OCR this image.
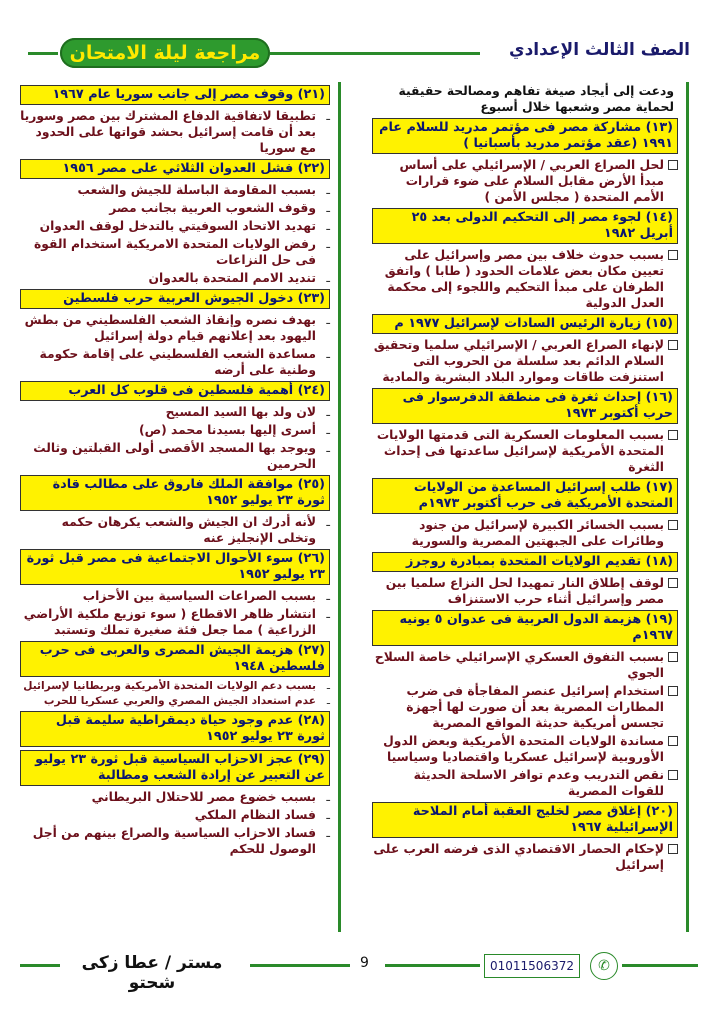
مراجعة ليلة الامتحان	الصف الثالث الإعدادي
ودعت إلى أيجاد صيغة تفاهم ومصالحة حقيقية لحماية مصر وشعبها خلال أسبوع
(١٣) مشاركة مصر فى مؤتمر مدريد للسلام عام ١٩٩١ (عقد مؤتمر مدريد بأسبانيا )
لحل الصراع العربي / الإسرائيلي على أساس مبدأ الأرض مقابل السلام على ضوء قرارات الأمم المتحدة ( مجلس الأمن )
(١٤) لجوء مصر إلى التحكيم الدولى بعد ٢٥ أبريل ١٩٨٢
بسبب حدوث خلاف بين مصر وإسرائيل على تعيين مكان بعض علامات الحدود ( طابا ) واتفق الطرفان على مبدأ التحكيم واللجوء إلى محكمة العدل الدولية
(١٥) زيارة الرئيس السادات لإسرائيل ١٩٧٧ م
لإنهاء الصراع العربي / الإسرائيلي سلميا وتحقيق السلام الدائم بعد سلسلة من الحروب التى استنزفت طاقات وموارد البلاد البشرية والمادية
(١٦) إحداث ثغرة فى منطقة الدفرسوار فى حرب أكتوبر ١٩٧٣
بسبب المعلومات العسكرية التى قدمتها الولايات المتحدة الأمريكية لإسرائيل ساعدتها فى إحداث الثغرة
(١٧) طلب إسرائيل المساعدة من الولايات المتحدة الأمريكية فى حرب أكتوبر ١٩٧٣م
بسبب الخسائر الكبيرة لإسرائيل من جنود وطائرات على الجبهتين المصرية والسورية
(١٨) تقديم الولايات المتحدة بمبادرة روجرز
لوقف إطلاق النار تمهيدا لحل النزاع سلميا بين مصر وإسرائيل أثناء حرب الاستنزاف
(١٩) هزيمة الدول العربية فى عدوان ٥ يونيه ١٩٦٧م
بسبب التفوق العسكري الإسرائيلي خاصة السلاح الجوي
استخدام إسرائيل عنصر المفاجأة فى ضرب المطارات المصرية بعد أن صورت لها أجهزة تجسس أمريكية حديثة المواقع المصرية
مساندة الولايات المتحدة الأمريكية وبعض الدول الأوروبية لإسرائيل عسكريا واقتصاديا وسياسيا
نقص التدريب وعدم توافر الاسلحة الحديثة للقوات المصرية
(٢٠) إغلاق مصر لخليج العقبة أمام الملاحة الإسرائيلية ١٩٦٧
لإحكام الحصار الاقتصادي الذى فرضه العرب على إسرائيل
(٢١) وقوف مصر إلى جانب سوريا عام ١٩٦٧
ـ تطبيقا لاتفاقية الدفاع المشترك بين مصر وسوريا بعد أن قامت إسرائيل بحشد قواتها على الحدود مع سوريا
(٢٢) فشل العدوان الثلاثي على مصر ١٩٥٦
ـ بسبب المقاومة الباسلة للجيش والشعب
ـ وقوف الشعوب العربية بجانب مصر
ـ تهديد الاتحاد السوفيتي بالتدخل لوقف العدوان
ـ رفض الولايات المتحدة الامريكية استخدام القوة فى حل النزاعات
ـ تنديد الامم المتحدة بالعدوان
(٢٣) دخول الجيوش العربية حرب فلسطين
ـ بهدف نصره وإنقاذ الشعب الفلسطيني من بطش اليهود بعد إعلانهم قيام دولة إسرائيل
ـ مساعدة الشعب الفلسطيني على إقامة حكومة وطنية على أرضه
(٢٤) أهمية فلسطين فى قلوب كل العرب
ـ لان ولد بها السيد المسيح
ـ أسرى إليها بسيدنا محمد (ص)
ـ ويوجد بها المسجد الأقصى أولى القبلتين وثالث الحرمين
(٢٥) موافقة الملك فاروق على مطالب قادة ثورة ٢٣ يوليو ١٩٥٢
ـ لأنه أدرك ان الجيش والشعب يكرهان حكمه وتخلى الإنجليز عنه
(٢٦) سوء الأحوال الاجتماعية فى مصر قبل ثورة ٢٣ يوليو ١٩٥٢
ـ بسبب الصراعات السياسية بين الأحزاب
ـ انتشار ظاهر الاقطاع ( سوء توزيع ملكية الأراضي الزراعية ) مما جعل فئة صغيرة تملك وتستبد
(٢٧) هزيمة الجيش المصرى والعربى فى حرب فلسطين ١٩٤٨
ـ بسبب دعم الولايات المتحدة الأمريكية وبريطانيا لإسرائيل
ـ عدم استعداد الجيش المصري والعربي عسكريا للحرب
(٢٨) عدم وجود حياة ديمقراطية سليمة قبل ثورة ٢٣ يوليو ١٩٥٢
(٢٩) عجز الاحزاب السياسية قبل ثورة ٢٣ يوليو عن التعبير عن إرادة الشعب ومطالبة
ـ بسبب خضوع مصر للاحتلال البريطاني
ـ فساد النظام الملكي
ـ فساد الاحزاب السياسية والصراع بينهم من أجل الوصول للحكم
مستر / عطا زكى شحتو
9	01011506372	✆
